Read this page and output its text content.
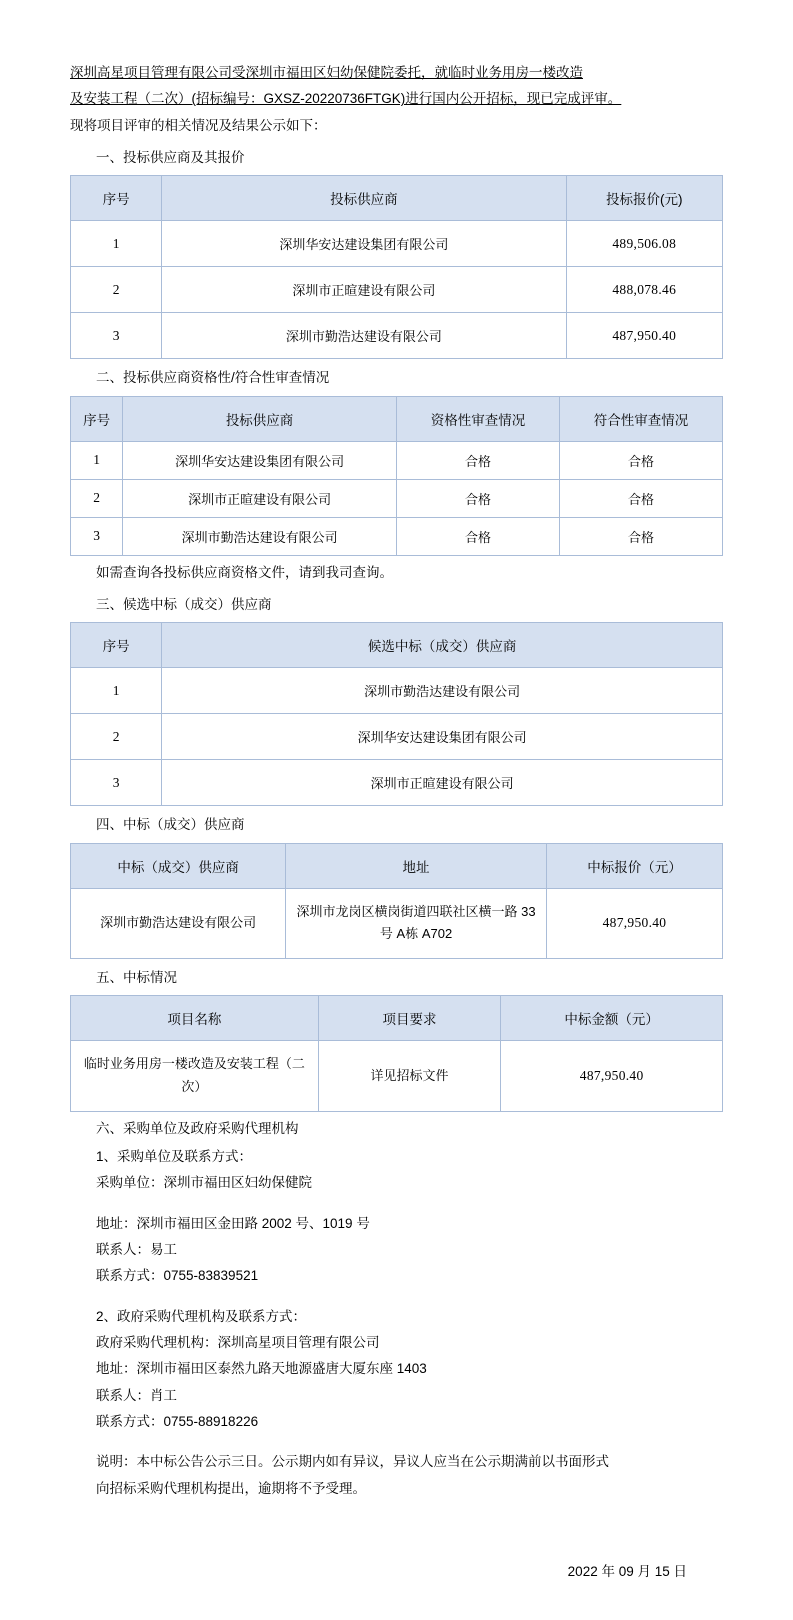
深圳高星项目管理有限公司受深圳市福田区妇幼保健院委托，就临时业务用房一楼改造
及安装工程（二次）(招标编号：GXSZ-20220736FTGK)进行国内公开招标，现已完成评审。
现将项目评审的相关情况及结果公示如下：

一、投标供应商及其报价
序号	投标供应商	投标报价(元)
1	深圳华安达建设集团有限公司	489,506.08
2	深圳市正暄建设有限公司	488,078.46
3	深圳市勤浩达建设有限公司	487,950.40
二、投标供应商资格性/符合性审查情况
序号	投标供应商	资格性审查情况	符合性审查情况
1	深圳华安达建设集团有限公司	合格	合格
2	深圳市正暄建设有限公司	合格	合格
3	深圳市勤浩达建设有限公司	合格	合格
如需查询各投标供应商资格文件，请到我司查询。
三、候选中标（成交）供应商
序号	候选中标（成交）供应商
1	深圳市勤浩达建设有限公司
2	深圳华安达建设集团有限公司
3	深圳市正暄建设有限公司
四、中标（成交）供应商
中标（成交）供应商	地址	中标报价（元）
深圳市勤浩达建设有限公司	深圳市龙岗区横岗街道四联社区横一路 33 号 A栋 A702	487,950.40
五、中标情况
项目名称	项目要求	中标金额（元）
临时业务用房一楼改造及安装工程（二次）	详见招标文件	487,950.40
六、采购单位及政府采购代理机构
1、采购单位及联系方式：
采购单位：深圳市福田区妇幼保健院
地址：深圳市福田区金田路 2002 号、1019 号
联系人：易工
联系方式：0755-83839521
2、政府采购代理机构及联系方式：
政府采购代理机构：深圳高星项目管理有限公司
地址：深圳市福田区泰然九路天地源盛唐大厦东座 1403
联系人：肖工
联系方式：0755-88918226
说明：本中标公告公示三日。公示期内如有异议，异议人应当在公示期满前以书面形式
向招标采购代理机构提出，逾期将不予受理。
2022 年 09 月 15 日
